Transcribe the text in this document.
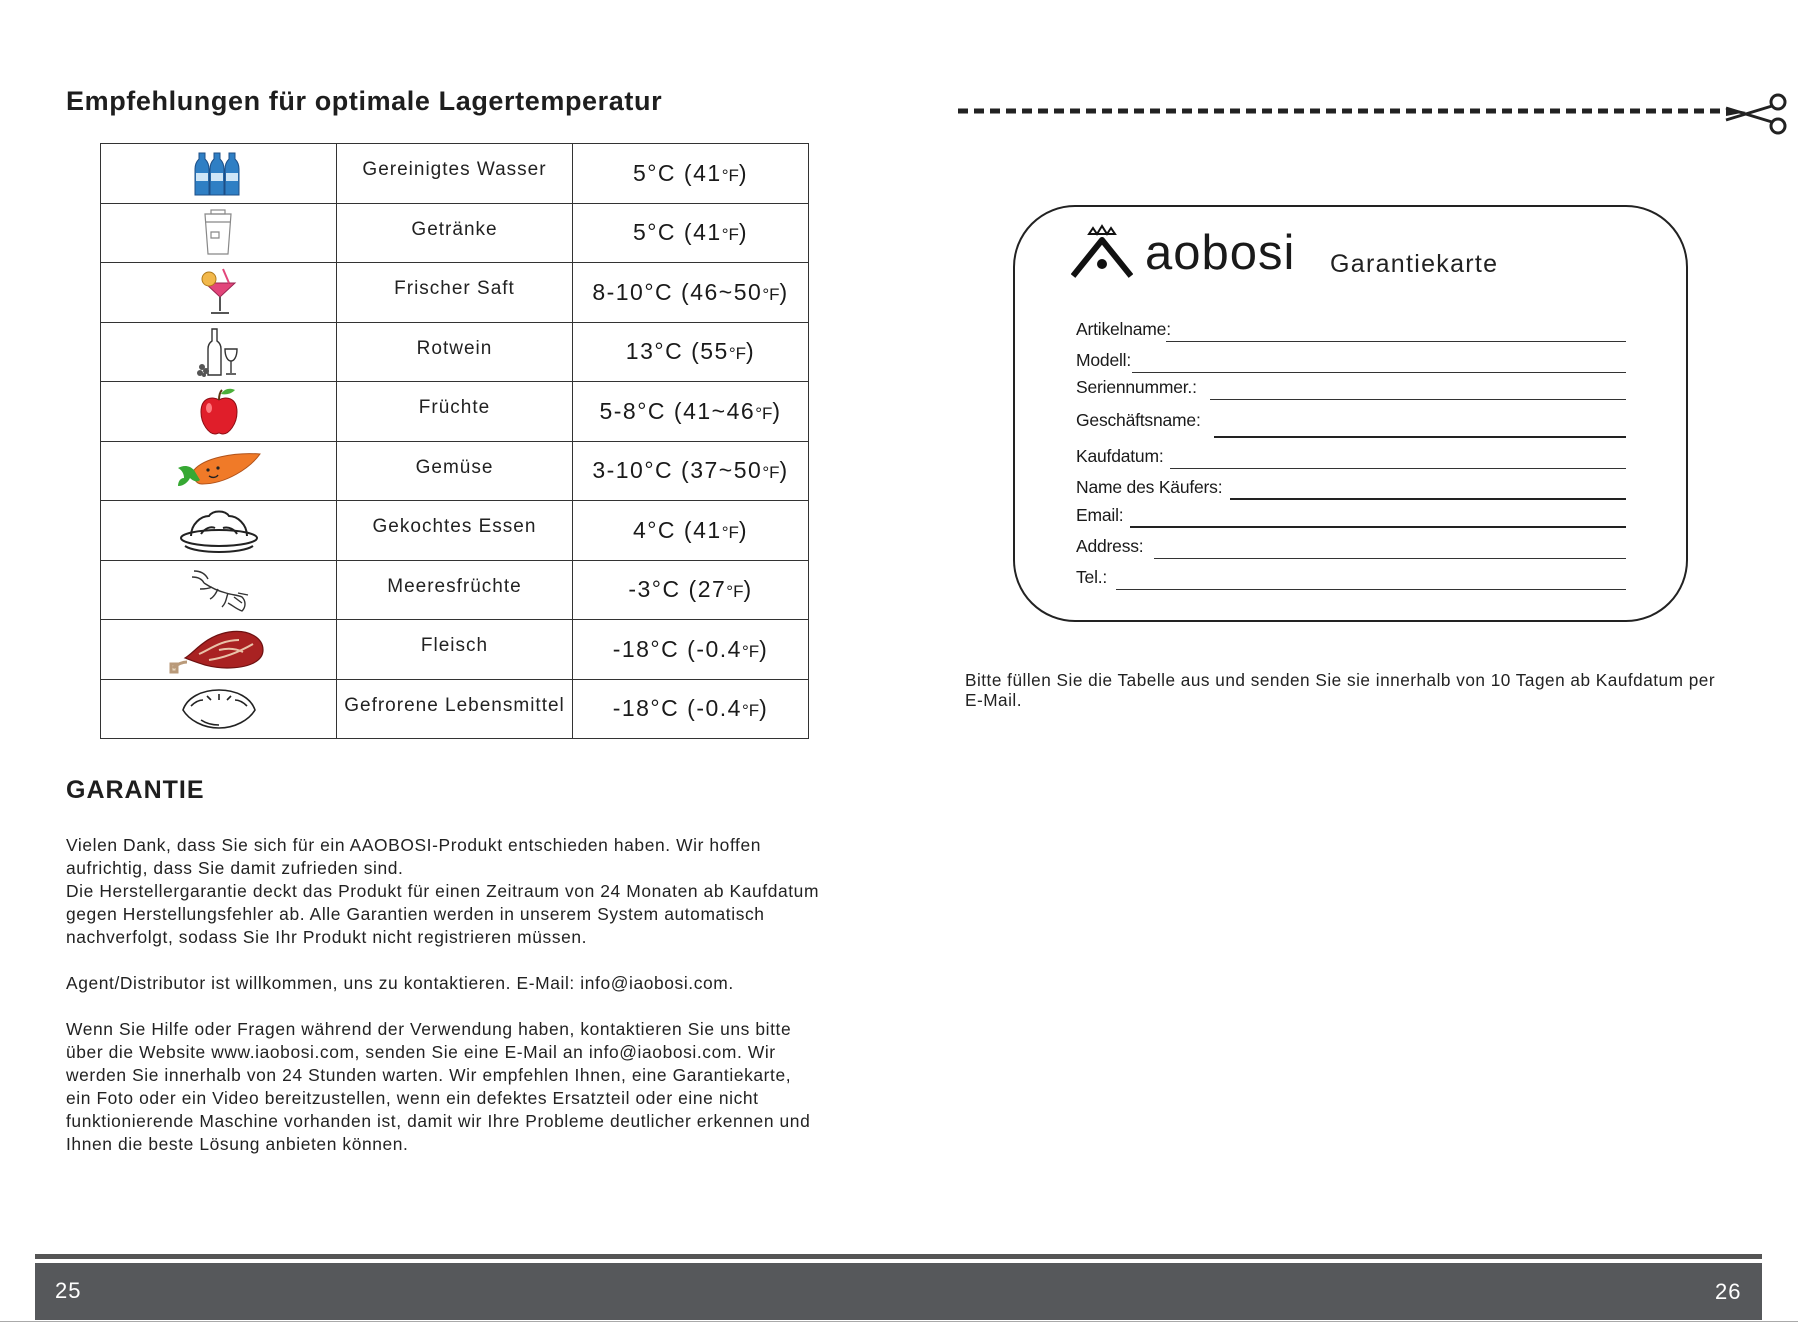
Empfehlungen für optimale Lagertemperatur
	Gereinigtes Wasser	5°C (41°F)

	Getränke	5°C (41°F)

	Frischer Saft	8-10°C (46~50°F)

	Rotwein	13°C (55°F)

	Früchte	5-8°C (41~46°F)

	Gemüse	3-10°C (37~50°F)

	Gekochtes Essen	4°C (41°F)

	Meeresfrüchte	-3°C (27°F)

	Fleisch	-18°C (-0.4°F)

	Gefrorene Lebensmittel	-18°C (-0.4°F)
GARANTIE
Vielen Dank, dass Sie sich für ein AAOBOSI-Produkt entschieden haben. Wir hoffen
aufrichtig, dass Sie damit zufrieden sind.
Die Herstellergarantie deckt das Produkt für einen Zeitraum von 24 Monaten ab Kaufdatum
gegen Herstellungsfehler ab. Alle Garantien werden in unserem System automatisch
nachverfolgt, sodass Sie Ihr Produkt nicht registrieren müssen.
Agent/Distributor ist willkommen, uns zu kontaktieren. E-Mail: info@iaobosi.com.
Wenn Sie Hilfe oder Fragen während der Verwendung haben, kontaktieren Sie uns bitte
über die Website www.iaobosi.com, senden Sie eine E-Mail an info@iaobosi.com. Wir
werden Sie innerhalb von 24 Stunden warten. Wir empfehlen Ihnen, eine Garantiekarte,
ein Foto oder ein Video bereitzustellen, wenn ein defektes Ersatzteil oder eine nicht
funktionierende Maschine vorhanden ist, damit wir Ihre Probleme deutlicher erkennen und
Ihnen die beste Lösung anbieten können.
aobosi Garantiekarte
Artikelname:
Modell:
Seriennummer.:
Geschäftsname:
Kaufdatum:
Name des Käufers:
Email:
Address:
Tel.:
Bitte füllen Sie die Tabelle aus und senden Sie sie innerhalb von 10 Tagen ab Kaufdatum per E-Mail.
25	26
